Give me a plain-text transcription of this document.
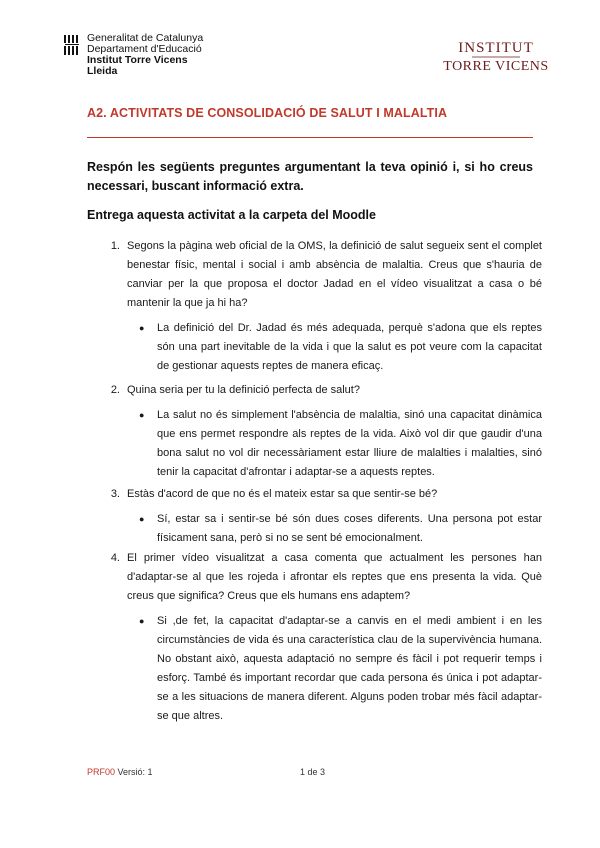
Generalitat de Catalunya
Departament d'Educació
Institut Torre Vicens
Lleida
INSTITUT
TORRE VICENS
A2. ACTIVITATS DE CONSOLIDACIÓ DE SALUT I MALALTIA
Respón les següents preguntes argumentant la teva opinió i, si ho creus necessari, buscant informació extra.
Entrega aquesta activitat a la carpeta del Moodle
1. Segons la pàgina web oficial de la OMS, la definició de salut segueix sent el complet benestar físic, mental i social i amb absència de malaltia. Creus que s'hauria de canviar per la que proposa el doctor Jadad en el vídeo visualitzat a casa o bé mantenir la que ja hi ha?
●	La definició del Dr. Jadad és més adequada, perquè s'adona que els reptes són una part inevitable de la vida i que la salut es pot veure com la capacitat de gestionar aquests reptes de manera eficaç.
2. Quina seria per tu la definició perfecta de salut?
●	La salut no és simplement l'absència de malaltia, sinó una capacitat dinàmica que ens permet respondre als reptes de la vida. Això vol dir que gaudir d'una bona salut no vol dir necessàriament estar lliure de malalties i malalties, sinó tenir la capacitat d'afrontar i adaptar-se a aquests reptes.
3. Estàs d'acord de que no és el mateix estar sa que sentir-se bé?
●	Sí, estar sa i sentir-se bé són dues coses diferents. Una persona pot estar físicament sana, però si no se sent bé emocionalment.
4. El primer vídeo visualitzat a casa comenta que actualment les persones han d'adaptar-se al que les rojeda i afrontar els reptes que ens presenta la vida. Què creus que significa? Creus que els humans ens adaptem?
●	Si ,de fet, la capacitat d'adaptar-se a canvis en el medi ambient i en les circumstàncies de vida és una característica clau de la supervivència humana. No obstant això, aquesta adaptació no sempre és fàcil i pot requerir temps i esforç. També és important recordar que cada persona és única i pot adaptar-se a les situacions de manera diferent. Alguns poden trobar més fàcil adaptar-se que altres.
PRF00 Versió: 1	1 de 3
